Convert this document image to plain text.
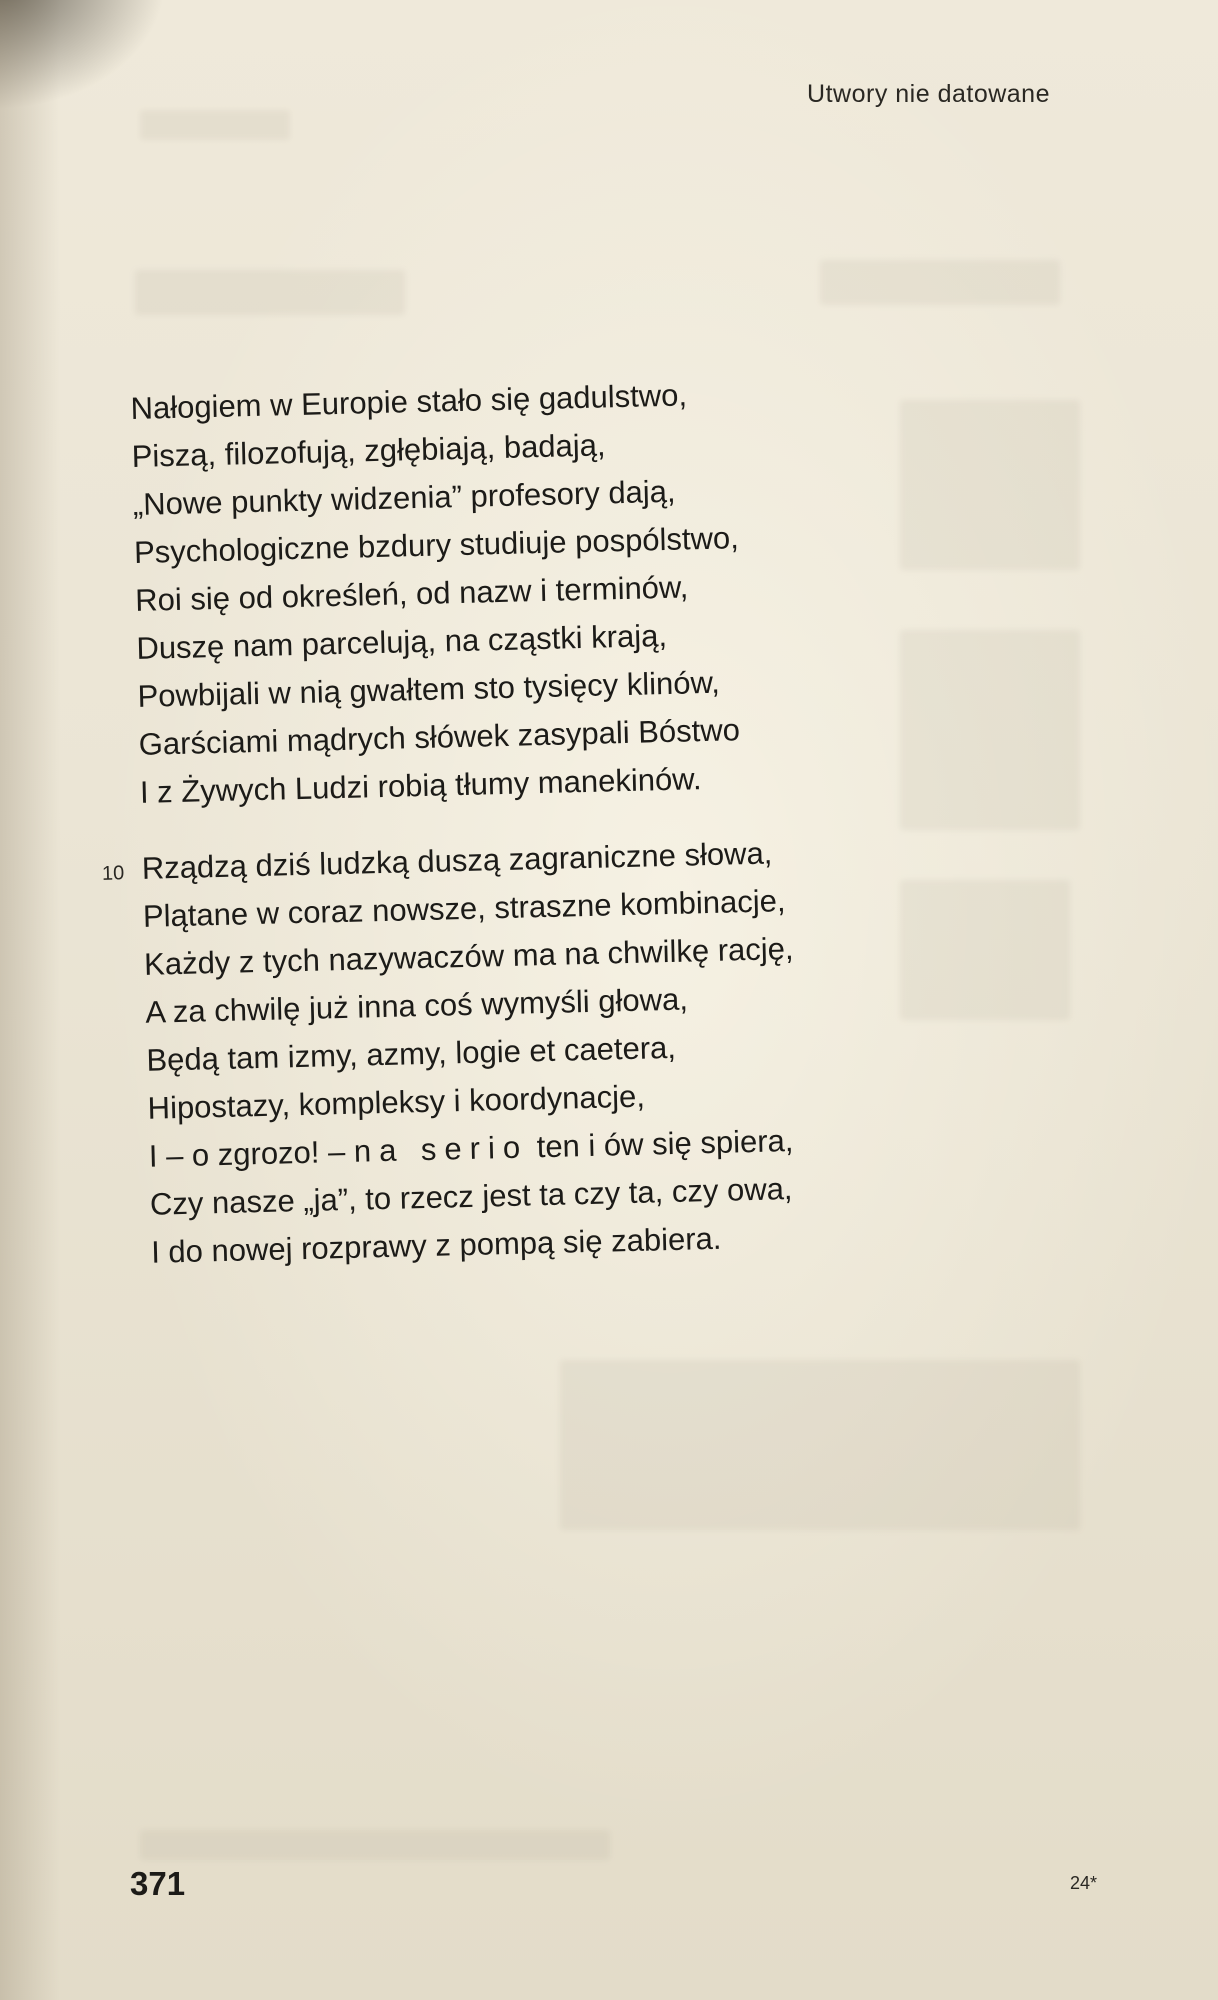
Utwory nie datowane
Nałogiem w Europie stało się gadulstwo,
Piszą, filozofują, zgłębiają, badają,
„Nowe punkty widzenia” profesory dają,
Psychologiczne bzdury studiuje pospólstwo,
Roi się od określeń, od nazw i terminów,
Duszę nam parcelują, na cząstki krają,
Powbijali w nią gwałtem sto tysięcy klinów,
Garściami mądrych słówek zasypali Bóstwo
I z Żywych Ludzi robią tłumy manekinów.
10 Rządzą dziś ludzką duszą zagraniczne słowa,
Plątane w coraz nowsze, straszne kombinacje,
Każdy z tych nazywaczów ma na chwilkę rację,
A za chwilę już inna coś wymyśli głowa,
Będą tam izmy, azmy, logie et caetera,
Hipostazy, kompleksy i koordynacje,
I – o zgrozo! – na serio ten i ów się spiera,
Czy nasze „ja”, to rzecz jest ta czy ta, czy owa,
I do nowej rozprawy z pompą się zabiera.
371	24*
